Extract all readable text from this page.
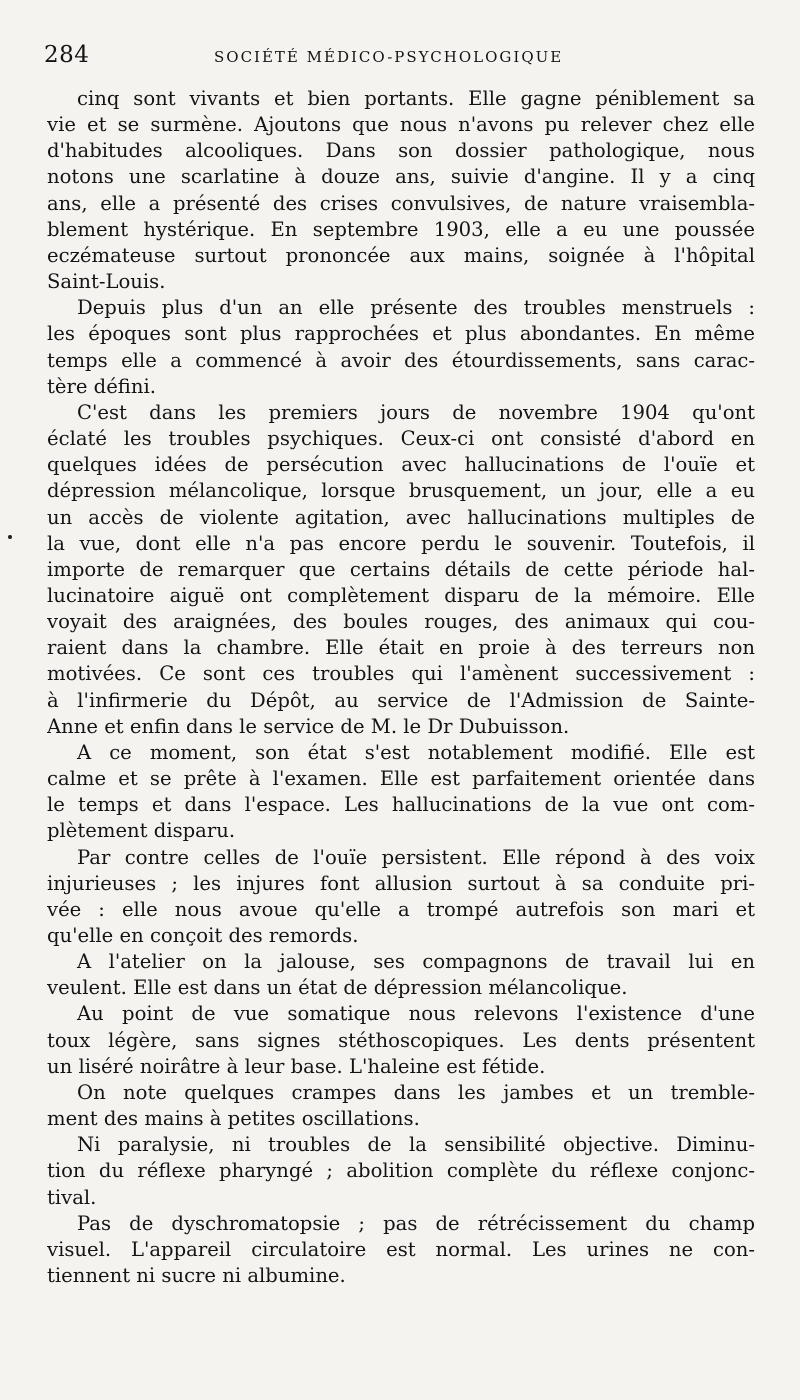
284	SOCIÉTÉ MÉDICO-PSYCHOLOGIQUE
cinq sont vivants et bien portants. Elle gagne péniblement sa
vie et se surmène. Ajoutons que nous n'avons pu relever chez elle
d'habitudes alcooliques. Dans son dossier pathologique, nous
notons une scarlatine à douze ans, suivie d'angine. Il y a cinq
ans, elle a présenté des crises convulsives, de nature vraisembla-
blement hystérique. En septembre 1903, elle a eu une poussée
eczémateuse surtout prononcée aux mains, soignée à l'hôpital
Saint-Louis.
Depuis plus d'un an elle présente des troubles menstruels :
les époques sont plus rapprochées et plus abondantes. En même
temps elle a commencé à avoir des étourdissements, sans carac-
tère défini.
C'est dans les premiers jours de novembre 1904 qu'ont
éclaté les troubles psychiques. Ceux-ci ont consisté d'abord en
quelques idées de persécution avec hallucinations de l'ouïe et
dépression mélancolique, lorsque brusquement, un jour, elle a eu
un accès de violente agitation, avec hallucinations multiples de
la vue, dont elle n'a pas encore perdu le souvenir. Toutefois, il
importe de remarquer que certains détails de cette période hal-
lucinatoire aiguë ont complètement disparu de la mémoire. Elle
voyait des araignées, des boules rouges, des animaux qui cou-
raient dans la chambre. Elle était en proie à des terreurs non
motivées. Ce sont ces troubles qui l'amènent successivement :
à l'infirmerie du Dépôt, au service de l'Admission de Sainte-
Anne et enfin dans le service de M. le Dr Dubuisson.
A ce moment, son état s'est notablement modifié. Elle est
calme et se prête à l'examen. Elle est parfaitement orientée dans
le temps et dans l'espace. Les hallucinations de la vue ont com-
plètement disparu.
Par contre celles de l'ouïe persistent. Elle répond à des voix
injurieuses ; les injures font allusion surtout à sa conduite pri-
vée : elle nous avoue qu'elle a trompé autrefois son mari et
qu'elle en conçoit des remords.
A l'atelier on la jalouse, ses compagnons de travail lui en
veulent. Elle est dans un état de dépression mélancolique.
Au point de vue somatique nous relevons l'existence d'une
toux légère, sans signes stéthoscopiques. Les dents présentent
un liséré noirâtre à leur base. L'haleine est fétide.
On note quelques crampes dans les jambes et un tremble-
ment des mains à petites oscillations.
Ni paralysie, ni troubles de la sensibilité objective. Diminu-
tion du réflexe pharyngé ; abolition complète du réflexe conjonc-
tival.
Pas de dyschromatopsie ; pas de rétrécissement du champ
visuel. L'appareil circulatoire est normal. Les urines ne con-
tiennent ni sucre ni albumine.
